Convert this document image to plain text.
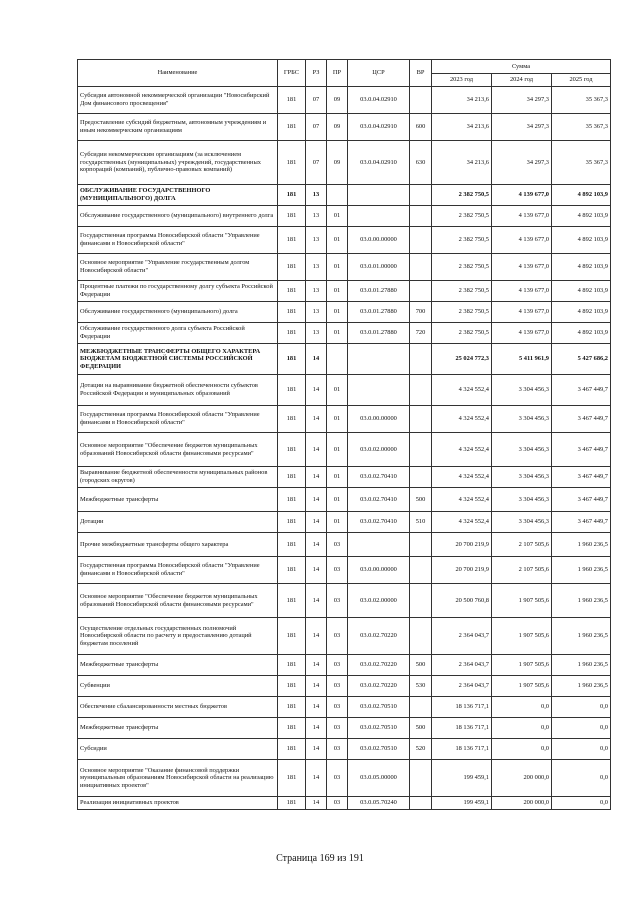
Наименование	ГРБС	РЗ	ПР	ЦСР	ВР	Сумма		
						2023 год	2024 год	2025 год
Субсидия автономной некоммерческой организации "Новосибирский Дом финансового просвещения"	181	07	09	03.0.04.02910		34 213,6	34 297,3	35 367,3
Предоставление субсидий бюджетным, автономным учреждениям и иным некоммерческим организациям	181	07	09	03.0.04.02910	600	34 213,6	34 297,3	35 367,3
Субсидии некоммерческим организациям (за исключением государственных (муниципальных) учреждений, государственных корпораций (компаний), публично-правовых компаний)	181	07	09	03.0.04.02910	630	34 213,6	34 297,3	35 367,3
ОБСЛУЖИВАНИЕ ГОСУДАРСТВЕННОГО (МУНИЦИПАЛЬНОГО) ДОЛГА	181	13				2 382 750,5	4 139 677,0	4 892 103,9
Обслуживание государственного (муниципального) внутреннего долга	181	13	01			2 382 750,5	4 139 677,0	4 892 103,9
Государственная программа Новосибирской области "Управление финансами в Новосибирской области"	181	13	01	03.0.00.00000		2 382 750,5	4 139 677,0	4 892 103,9
Основное мероприятие "Управление государственным долгом Новосибирской области"	181	13	01	03.0.01.00000		2 382 750,5	4 139 677,0	4 892 103,9
Процентные платежи по государственному долгу субъекта Российской Федерации	181	13	01	03.0.01.27880		2 382 750,5	4 139 677,0	4 892 103,9
Обслуживание государственного (муниципального) долга	181	13	01	03.0.01.27880	700	2 382 750,5	4 139 677,0	4 892 103,9
Обслуживание государственного долга субъекта Российской Федерации	181	13	01	03.0.01.27880	720	2 382 750,5	4 139 677,0	4 892 103,9
МЕЖБЮДЖЕТНЫЕ ТРАНСФЕРТЫ ОБЩЕГО ХАРАКТЕРА БЮДЖЕТАМ БЮДЖЕТНОЙ СИСТЕМЫ РОССИЙСКОЙ ФЕДЕРАЦИИ	181	14				25 024 772,3	5 411 961,9	5 427 686,2
Дотации на выравнивание бюджетной обеспеченности субъектов Российской Федерации и муниципальных образований	181	14	01			4 324 552,4	3 304 456,3	3 467 449,7
Государственная программа Новосибирской области "Управление финансами в Новосибирской области"	181	14	01	03.0.00.00000		4 324 552,4	3 304 456,3	3 467 449,7
Основное мероприятие "Обеспечение бюджетов муниципальных образований Новосибирской области финансовыми ресурсами"	181	14	01	03.0.02.00000		4 324 552,4	3 304 456,3	3 467 449,7
Выравнивание бюджетной обеспеченности муниципальных районов (городских округов)	181	14	01	03.0.02.70410		4 324 552,4	3 304 456,3	3 467 449,7
Межбюджетные трансферты	181	14	01	03.0.02.70410	500	4 324 552,4	3 304 456,3	3 467 449,7
Дотации	181	14	01	03.0.02.70410	510	4 324 552,4	3 304 456,3	3 467 449,7
Прочие межбюджетные трансферты общего характера	181	14	03			20 700 219,9	2 107 505,6	1 960 236,5
Государственная программа Новосибирской области "Управление финансами в Новосибирской области"	181	14	03	03.0.00.00000		20 700 219,9	2 107 505,6	1 960 236,5
Основное мероприятие "Обеспечение бюджетов муниципальных образований Новосибирской области финансовыми ресурсами"	181	14	03	03.0.02.00000		20 500 760,8	1 907 505,6	1 960 236,5
Осуществление отдельных государственных полномочий Новосибирской области по расчету и предоставлению дотаций бюджетам поселений	181	14	03	03.0.02.70220		2 364 043,7	1 907 505,6	1 960 236,5
Межбюджетные трансферты	181	14	03	03.0.02.70220	500	2 364 043,7	1 907 505,6	1 960 236,5
Субвенции	181	14	03	03.0.02.70220	530	2 364 043,7	1 907 505,6	1 960 236,5
Обеспечение сбалансированности местных бюджетов	181	14	03	03.0.02.70510		18 136 717,1	0,0	0,0
Межбюджетные трансферты	181	14	03	03.0.02.70510	500	18 136 717,1	0,0	0,0
Субсидии	181	14	03	03.0.02.70510	520	18 136 717,1	0,0	0,0
Основное мероприятие "Оказание финансовой поддержки муниципальным образованиям Новосибирской области на реализацию инициативных проектов"	181	14	03	03.0.05.00000		199 459,1	200 000,0	0,0
Реализация инициативных проектов	181	14	03	03.0.05.70240		199 459,1	200 000,0	0,0
Страница 169 из 191
